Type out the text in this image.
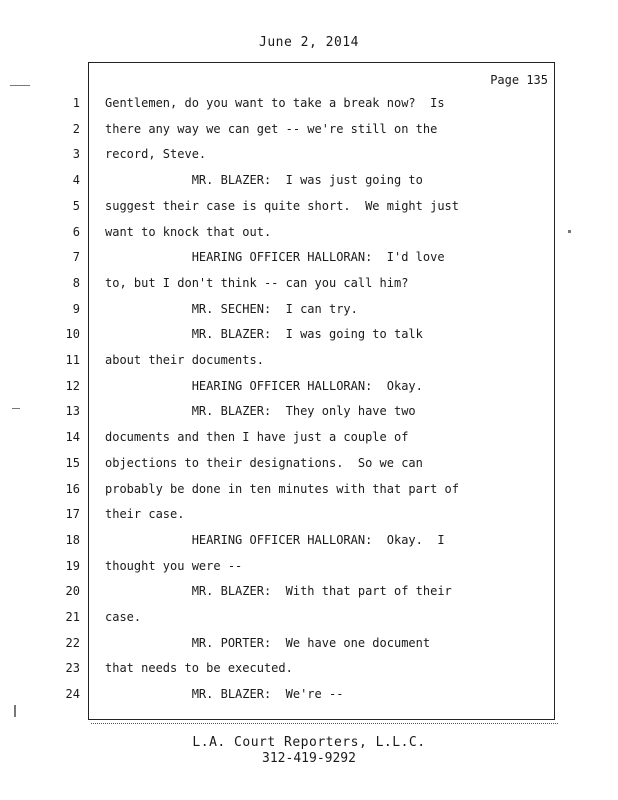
June 2, 2014
Page 135
1 Gentlemen, do you want to take a break now?  Is
2 there any way we can get -- we're still on the
3 record, Steve.
4 MR. BLAZER:  I was just going to
5 suggest their case is quite short.  We might just
6 want to knock that out.
7 HEARING OFFICER HALLORAN:  I'd love
8 to, but I don't think -- can you call him?
9 MR. SECHEN:  I can try.
10 MR. BLAZER:  I was going to talk
11 about their documents.
12 HEARING OFFICER HALLORAN:  Okay.
13 MR. BLAZER:  They only have two
14 documents and then I have just a couple of
15 objections to their designations.  So we can
16 probably be done in ten minutes with that part of
17 their case.
18 HEARING OFFICER HALLORAN:  Okay.  I
19 thought you were --
20 MR. BLAZER:  With that part of their
21 case.
22 MR. PORTER:  We have one document
23 that needs to be executed.
24 MR. BLAZER:  We're --
L.A. Court Reporters, L.L.C.
312-419-9292
